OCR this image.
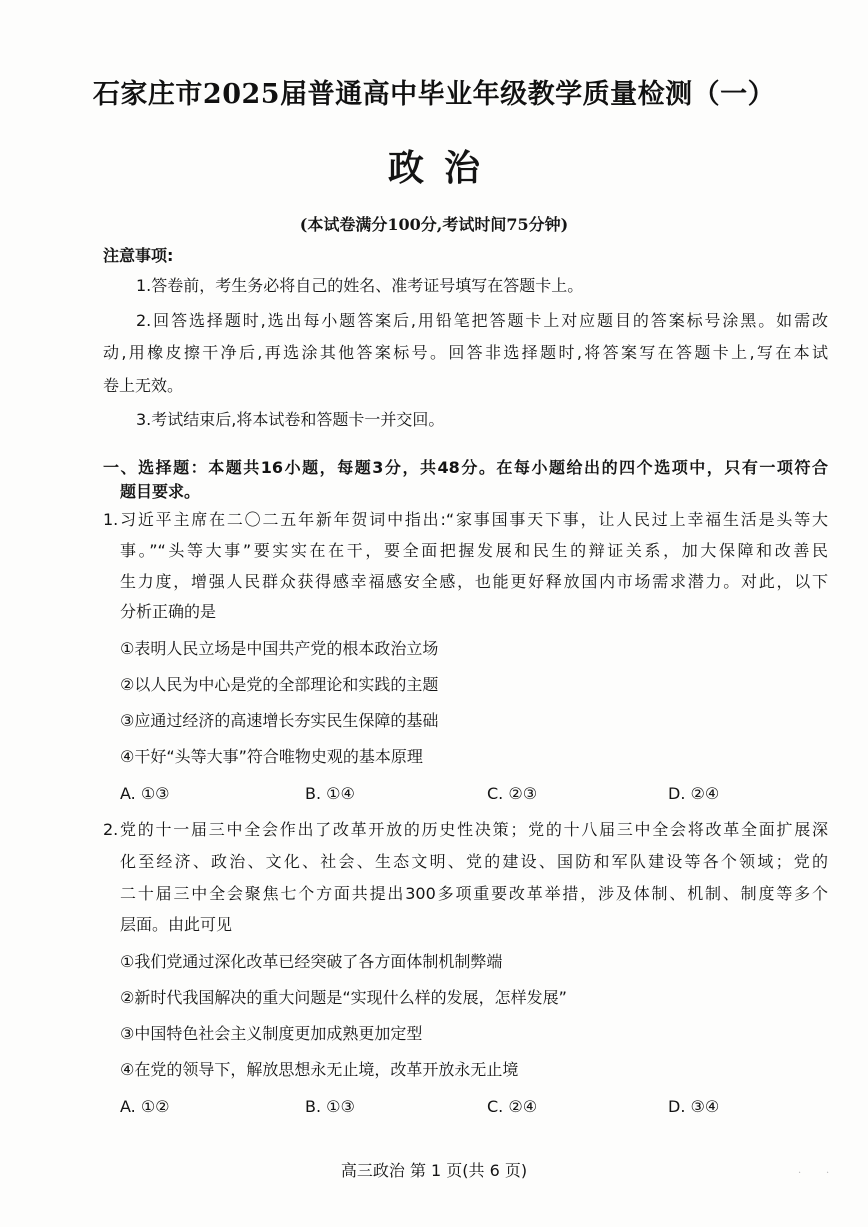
石家庄市2025届普通高中毕业年级教学质量检测（一）
政治
(本试卷满分100分,考试时间75分钟)
注意事项:
1.答卷前，考生务必将自己的姓名、准考证号填写在答题卡上。
2.回答选择题时,选出每小题答案后,用铅笔把答题卡上对应题目的答案标号涂黑。如需改
动,用橡皮擦干净后,再选涂其他答案标号。回答非选择题时,将答案写在答题卡上,写在本试
卷上无效。
3.考试结束后,将本试卷和答题卡一并交回。
一、选择题：本题共16小题，每题3分，共48分。在每小题给出的四个选项中，只有一项符合
题目要求。
1.习近平主席在二〇二五年新年贺词中指出:“家事国事天下事，让人民过上幸福生活是头等大
事。”“头等大事”要实实在在干，要全面把握发展和民生的辩证关系，加大保障和改善民
生力度，增强人民群众获得感幸福感安全感，也能更好释放国内市场需求潜力。对此，以下
分析正确的是
①表明人民立场是中国共产党的根本政治立场
②以人民为中心是党的全部理论和实践的主题
③应通过经济的高速增长夯实民生保障的基础
④干好“头等大事”符合唯物史观的基本原理
A. ①③	B. ①④	C. ②③	D. ②④
2.党的十一届三中全会作出了改革开放的历史性决策；党的十八届三中全会将改革全面扩展深
化至经济、政治、文化、社会、生态文明、党的建设、国防和军队建设等各个领域；党的
二十届三中全会聚焦七个方面共提出300多项重要改革举措，涉及体制、机制、制度等多个
层面。由此可见
①我们党通过深化改革已经突破了各方面体制机制弊端
②新时代我国解决的重大问题是“实现什么样的发展，怎样发展”
③中国特色社会主义制度更加成熟更加定型
④在党的领导下，解放思想永无止境，改革开放永无止境
A. ①②	B. ①③	C. ②④	D. ③④
高三政治 第 1 页(共 6 页)	· ·
